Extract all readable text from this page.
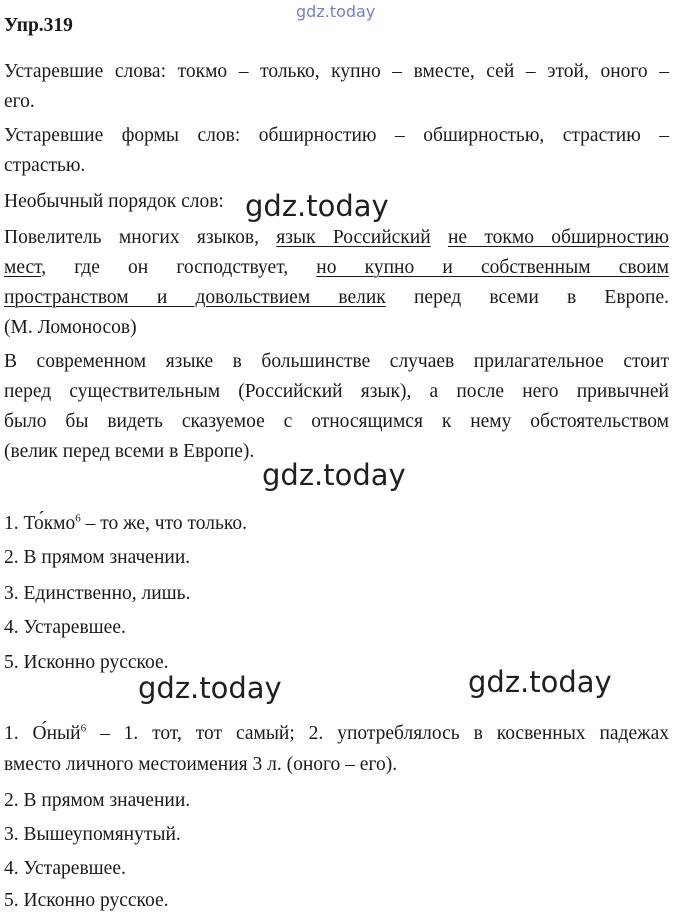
gdz.today
Упр.319
Устаревшие слова: токмо – только, купно – вместе, сей – этой, оного –
его.
Устаревшие формы слов: обширностию – обширностью, страстию –
страстью.
Необычный порядок слов: gdz.today
Повелитель многих языков, язык Российский не токмо обширностию
мест, где он господствует, но купно и собственным своим
пространством и довольствием велик перед всеми в Европе.
(М. Ломоносов)
В современном языке в большинстве случаев прилагательное стоит
перед существительным (Российский язык), а после него привычней
было бы видеть сказуемое с относящимся к нему обстоятельством
(велик перед всеми в Европе).
gdz.today
1. То́кмо$^6$ – то же, что только.
2. В прямом значении.
3. Единственно, лишь.
4. Устаревшее.
5. Исконно русское.
gdz.today	gdz.today
1. О́ный$^6$ – 1. тот, тот самый; 2. употреблялось в косвенных падежах
вместо личного местоимения 3 л. (оного – его).
2. В прямом значении.
3. Вышеупомянутый.
4. Устаревшее.
5. Исконно русское.
